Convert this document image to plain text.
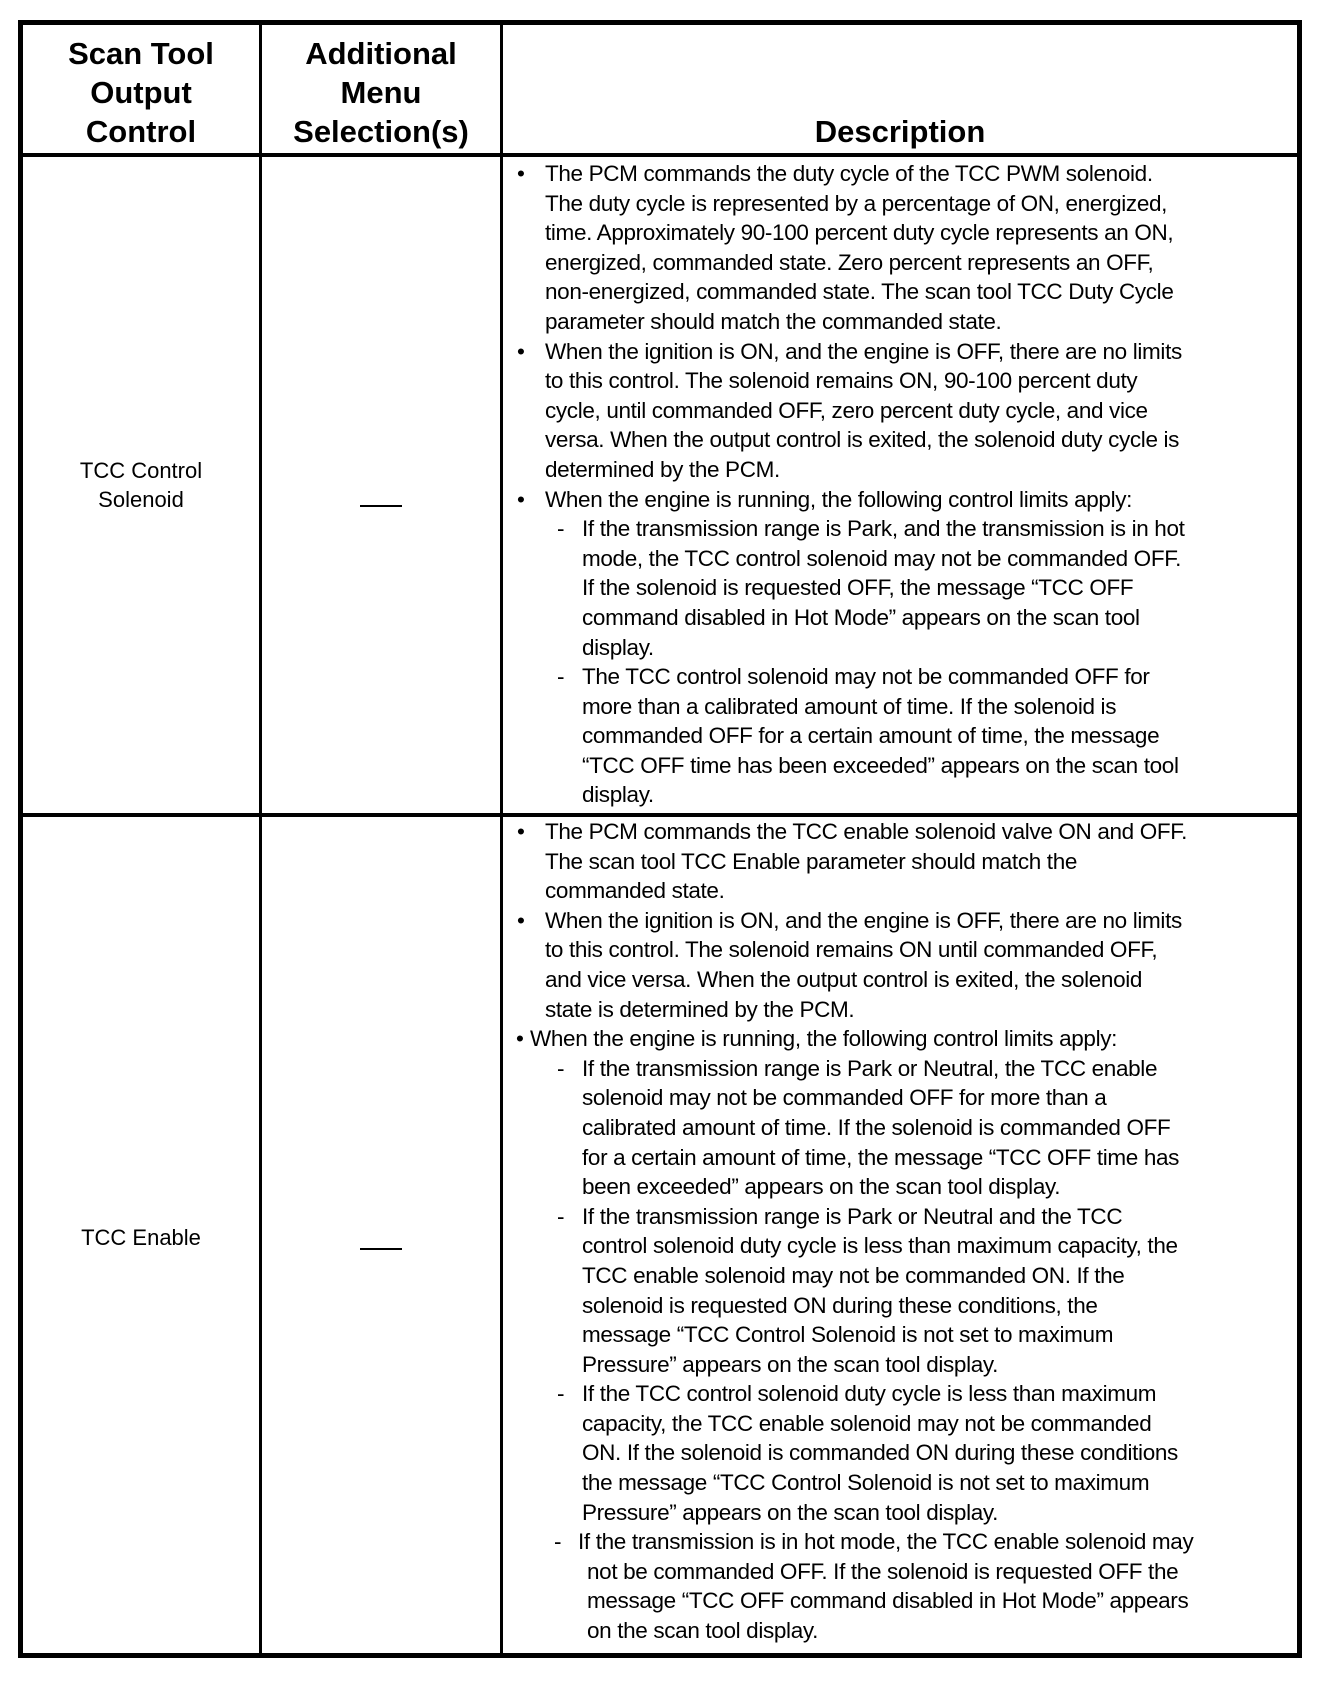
Scan Tool
Output
Control
Additional
Menu
Selection(s)	Description
TCC Control
Solenoid
• The PCM commands the duty cycle of the TCC PWM solenoid.
The duty cycle is represented by a percentage of ON, energized,
time. Approximately 90-100 percent duty cycle represents an ON,
energized, commanded state. Zero percent represents an OFF,
non-energized, commanded state. The scan tool TCC Duty Cycle
parameter should match the commanded state.
• When the ignition is ON, and the engine is OFF, there are no limits
to this control. The solenoid remains ON, 90-100 percent duty
cycle, until commanded OFF, zero percent duty cycle, and vice
versa. When the output control is exited, the solenoid duty cycle is
determined by the PCM.
• When the engine is running, the following control limits apply:
- If the transmission range is Park, and the transmission is in hot
mode, the TCC control solenoid may not be commanded OFF.
If the solenoid is requested OFF, the message “TCC OFF
command disabled in Hot Mode” appears on the scan tool
display.
- The TCC control solenoid may not be commanded OFF for
more than a calibrated amount of time. If the solenoid is
commanded OFF for a certain amount of time, the message
“TCC OFF time has been exceeded” appears on the scan tool
display.
TCC Enable
• The PCM commands the TCC enable solenoid valve ON and OFF.
The scan tool TCC Enable parameter should match the
commanded state.
• When the ignition is ON, and the engine is OFF, there are no limits
to this control. The solenoid remains ON until commanded OFF,
and vice versa. When the output control is exited, the solenoid
state is determined by the PCM.
• When the engine is running, the following control limits apply:
- If the transmission range is Park or Neutral, the TCC enable
solenoid may not be commanded OFF for more than a
calibrated amount of time. If the solenoid is commanded OFF
for a certain amount of time, the message “TCC OFF time has
been exceeded” appears on the scan tool display.
- If the transmission range is Park or Neutral and the TCC
control solenoid duty cycle is less than maximum capacity, the
TCC enable solenoid may not be commanded ON. If the
solenoid is requested ON during these conditions, the
message “TCC Control Solenoid is not set to maximum
Pressure” appears on the scan tool display.
- If the TCC control solenoid duty cycle is less than maximum
capacity, the TCC enable solenoid may not be commanded
ON. If the solenoid is commanded ON during these conditions
the message “TCC Control Solenoid is not set to maximum
Pressure” appears on the scan tool display.
- If the transmission is in hot mode, the TCC enable solenoid may
not be commanded OFF. If the solenoid is requested OFF the
message “TCC OFF command disabled in Hot Mode” appears
on the scan tool display.
